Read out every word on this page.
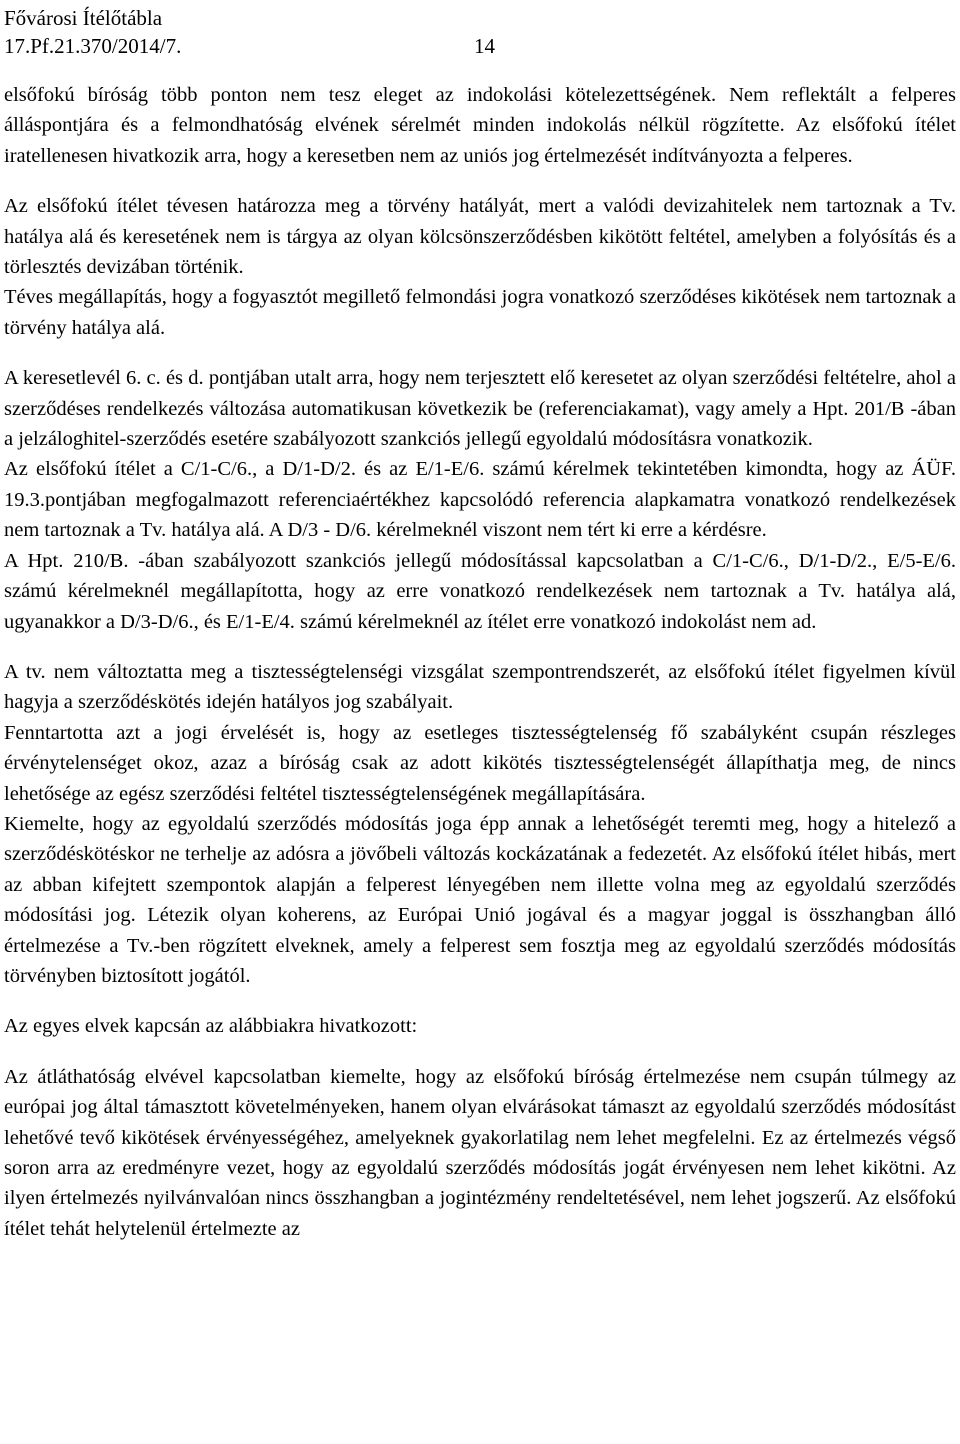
Fővárosi Ítélőtábla
17.Pf.21.370/2014/7.	14

elsőfokú bíróság több ponton nem tesz eleget az indokolási kötelezettségének. Nem reflektált a felperes álláspontjára és a felmondhatóság elvének sérelmét minden indokolás nélkül rögzítette. Az elsőfokú ítélet iratellenesen hivatkozik arra, hogy a keresetben nem az uniós jog értelmezését indítványozta a felperes.

Az elsőfokú ítélet tévesen határozza meg a törvény hatályát, mert a valódi devizahitelek nem tartoznak a Tv. hatálya alá és keresetének nem is tárgya az olyan kölcsönszerződésben kikötött feltétel, amelyben a folyósítás és a törlesztés devizában történik.

Téves megállapítás, hogy a fogyasztót megillető felmondási jogra vonatkozó szerződéses kikötések nem tartoznak a törvény hatálya alá.

A keresetlevél 6. c. és d. pontjában utalt arra, hogy nem terjesztett elő keresetet az olyan szerződési feltételre, ahol a szerződéses rendelkezés változása automatikusan következik be (referenciakamat), vagy amely a Hpt. 201/B -ában a jelzáloghitel-szerződés esetére szabályozott szankciós jellegű egyoldalú módosításra vonatkozik.

Az elsőfokú ítélet a C/1-C/6., a D/1-D/2. és az E/1-E/6. számú kérelmek tekintetében kimondta, hogy az ÁÜF. 19.3.pontjában megfogalmazott referenciaértékhez kapcsolódó referencia alapkamatra vonatkozó rendelkezések nem tartoznak a Tv. hatálya alá. A D/3 - D/6. kérelmeknél viszont nem tért ki erre a kérdésre.

A Hpt. 210/B. -ában szabályozott szankciós jellegű módosítással kapcsolatban a C/1-C/6., D/1-D/2., E/5-E/6. számú kérelmeknél megállapította, hogy az erre vonatkozó rendelkezések nem tartoznak a Tv. hatálya alá, ugyanakkor a D/3-D/6., és E/1-E/4. számú kérelmeknél az ítélet erre vonatkozó indokolást nem ad.

A tv. nem változtatta meg a tisztességtelenségi vizsgálat szempontrendszerét, az elsőfokú ítélet figyelmen kívül hagyja a szerződéskötés idején hatályos jog szabályait.

Fenntartotta azt a jogi érvelését is, hogy az esetleges tisztességtelenség fő szabályként csupán részleges érvénytelenséget okoz, azaz a bíróság csak az adott kikötés tisztességtelenségét állapíthatja meg, de nincs lehetősége az egész szerződési feltétel tisztességtelenségének megállapítására.

Kiemelte, hogy az egyoldalú szerződés módosítás joga épp annak a lehetőségét teremti meg, hogy a hitelező a szerződéskötéskor ne terhelje az adósra a jövőbeli változás kockázatának a fedezetét. Az elsőfokú ítélet hibás, mert az abban kifejtett szempontok alapján a felperest lényegében nem illette volna meg az egyoldalú szerződés módosítási jog. Létezik olyan koherens, az Európai Unió jogával és a magyar joggal is összhangban álló értelmezése a Tv.-ben rögzített elveknek, amely a felperest sem fosztja meg az egyoldalú szerződés módosítás törvényben biztosított jogától.

Az egyes elvek kapcsán az alábbiakra hivatkozott:

Az átláthatóság elvével kapcsolatban kiemelte, hogy az elsőfokú bíróság értelmezése nem csupán túlmegy az európai jog által támasztott követelményeken, hanem olyan elvárásokat támaszt az egyoldalú szerződés módosítást lehetővé tevő kikötések érvényességéhez, amelyeknek gyakorlatilag nem lehet megfelelni. Ez az értelmezés végső soron arra az eredményre vezet, hogy az egyoldalú szerződés módosítás jogát érvényesen nem lehet kikötni. Az ilyen értelmezés nyilvánvalóan nincs összhangban a jogintézmény rendeltetésével, nem lehet jogszerű. Az elsőfokú ítélet tehát helytelenül értelmezte az
